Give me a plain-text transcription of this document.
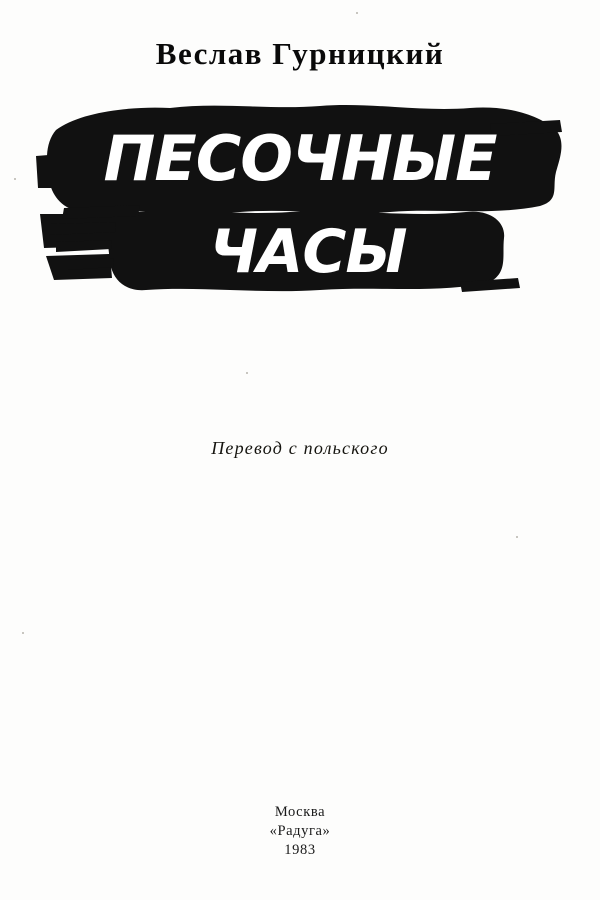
Веслав Гурницкий
ПЕСОЧНЫЕ
ЧАСЫ
Перевод с польского
Москва
«Радуга»
1983
